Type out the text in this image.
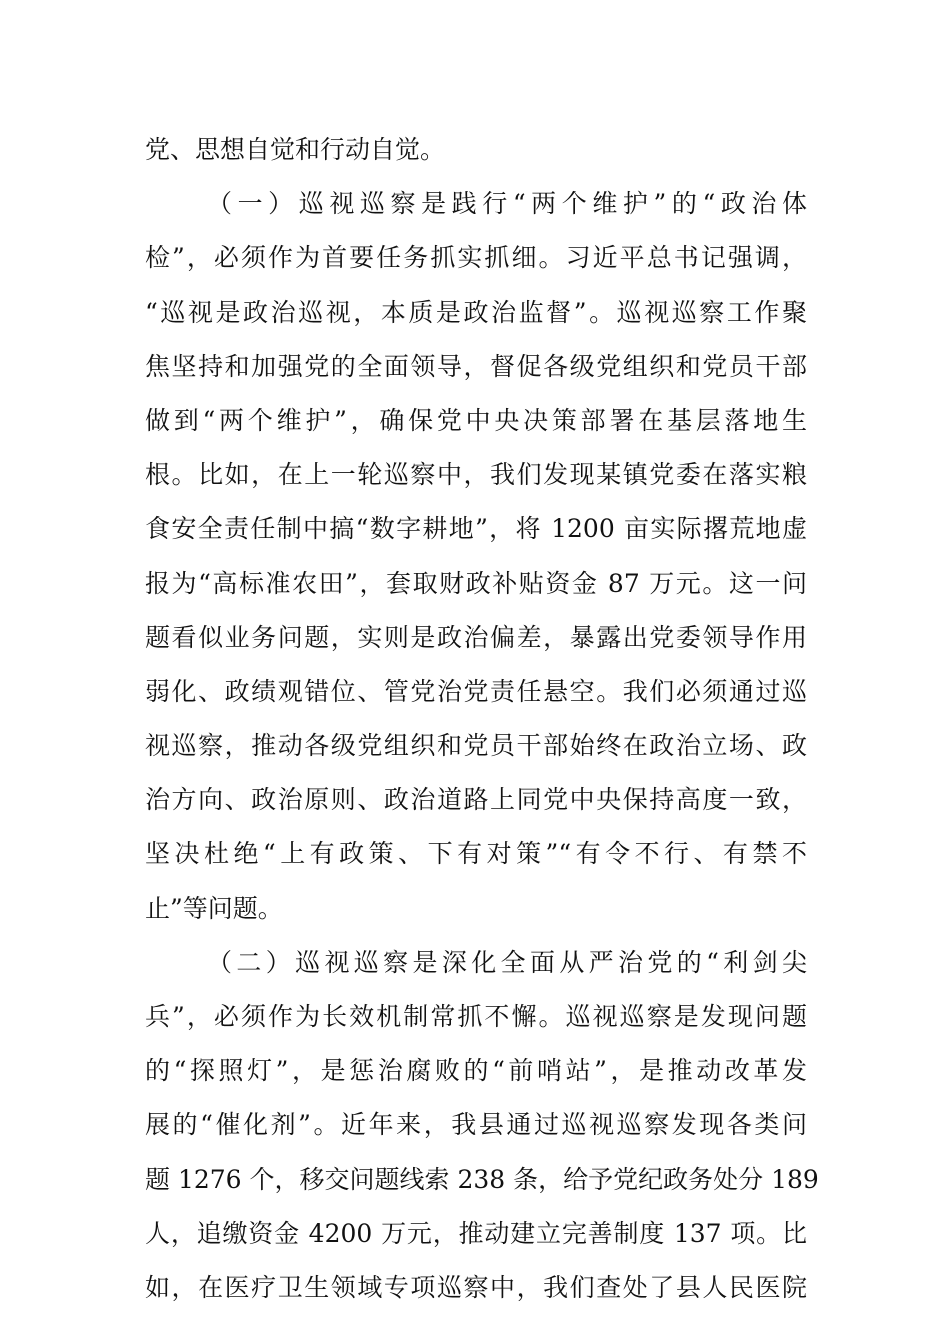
党、思想自觉和行动自觉。
（一）巡视巡察是践行“两个维护”的“政治体
检”，必须作为首要任务抓实抓细。习近平总书记强调，
“巡视是政治巡视，本质是政治监督”。巡视巡察工作聚
焦坚持和加强党的全面领导，督促各级党组织和党员干部
做到“两个维护”，确保党中央决策部署在基层落地生
根。比如，在上一轮巡察中，我们发现某镇党委在落实粮
食安全责任制中搞“数字耕地”，将 1200 亩实际撂荒地虚
报为“高标准农田”，套取财政补贴资金 87 万元。这一问
题看似业务问题，实则是政治偏差，暴露出党委领导作用
弱化、政绩观错位、管党治党责任悬空。我们必须通过巡
视巡察，推动各级党组织和党员干部始终在政治立场、政
治方向、政治原则、政治道路上同党中央保持高度一致，
坚决杜绝“上有政策、下有对策”“有令不行、有禁不
止”等问题。
（二）巡视巡察是深化全面从严治党的“利剑尖
兵”，必须作为长效机制常抓不懈。巡视巡察是发现问题
的“探照灯”，是惩治腐败的“前哨站”，是推动改革发
展的“催化剂”。近年来，我县通过巡视巡察发现各类问
题 1276 个，移交问题线索 238 条，给予党纪政务处分 189
人，追缴资金 4200 万元，推动建立完善制度 137 项。比
如，在医疗卫生领域专项巡察中，我们查处了县人民医院
